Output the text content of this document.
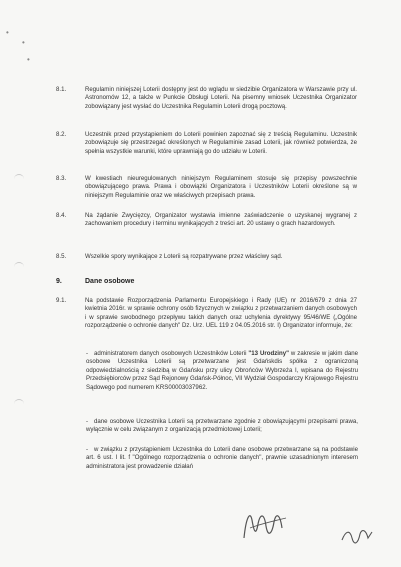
•
•
•
8.1.	Regulamin niniejszej Loterii dostępny jest do wglądu w siedzibie Organizatora w Warszawie przy ul. Astronomów 12, a także w Punkcie Obsługi Loterii. Na pisemny wniosek Uczestnika Organizator zobowiązany jest wysłać do Uczestnika Regulamin Loterii drogą pocztową.
8.2.	Uczestnik przed przystąpieniem do Loterii powinien zapoznać się z treścią Regulaminu. Uczestnik zobowiązuje się przestrzegać określonych w Regulaminie zasad Loterii, jak również potwierdza, że spełnia wszystkie warunki, które uprawniają go do udziału w Loterii.
8.3.	W kwestiach nieuregulowanych niniejszym Regulaminem stosuje się przepisy powszechnie obowiązującego prawa. Prawa i obowiązki Organizatora i Uczestników Loterii określone są w niniejszym Regulaminie oraz we właściwych przepisach prawa.
8.4.	Na żądanie Zwycięzcy, Organizator wystawia imienne zaświadczenie o uzyskanej wygranej z zachowaniem procedury i terminu wynikających z treści art. 20 ustawy o grach hazardowych.
8.5.	Wszelkie spory wynikające z Loterii są rozpatrywane przez właściwy sąd.
9.	Dane osobowe
9.1.	Na podstawie Rozporządzenia Parlamentu Europejskiego i Rady (UE) nr 2016/679 z dnia 27 kwietnia 2016r. w sprawie ochrony osób fizycznych w związku z przetwarzaniem danych osobowych i w sprawie swobodnego przepływu takich danych oraz uchylenia dyrektywy 95/46/WE („Ogólne rozporządzenie o ochronie danych" Dz. Urz. UEL 119 z 04.05.2016 str. I) Organizator informuje, że:
- administratorem danych osobowych Uczestników Loterii "13 Urodziny" w zakresie w jakim dane osobowe Uczestnika Loterii są przetwarzane jest Gdańskdis spółka z ograniczoną odpowiedzialnością z siedzibą w Gdańsku przy ulicy Obrońców Wybrzeża I, wpisana do Rejestru Przedsiębiorców przez Sąd Rejonowy Gdańsk-Północ, VII Wydział Gospodarczy Krajowego Rejestru Sądowego pod numerem KRS00003037962.
- dane osobowe Uczestnika Loterii są przetwarzane zgodnie z obowiązującymi przepisami prawa, wyłącznie w celu związanym z organizacją przedmiotowej Loterii;
- w związku z przystąpieniem Uczestnika do Loterii dane osobowe przetwarzane są na podstawie art. 6 ust. I lit. f "Ogólnego rozporządzenia o ochronie danych", prawnie uzasadnionym interesem administratora jest prowadzenie działań
